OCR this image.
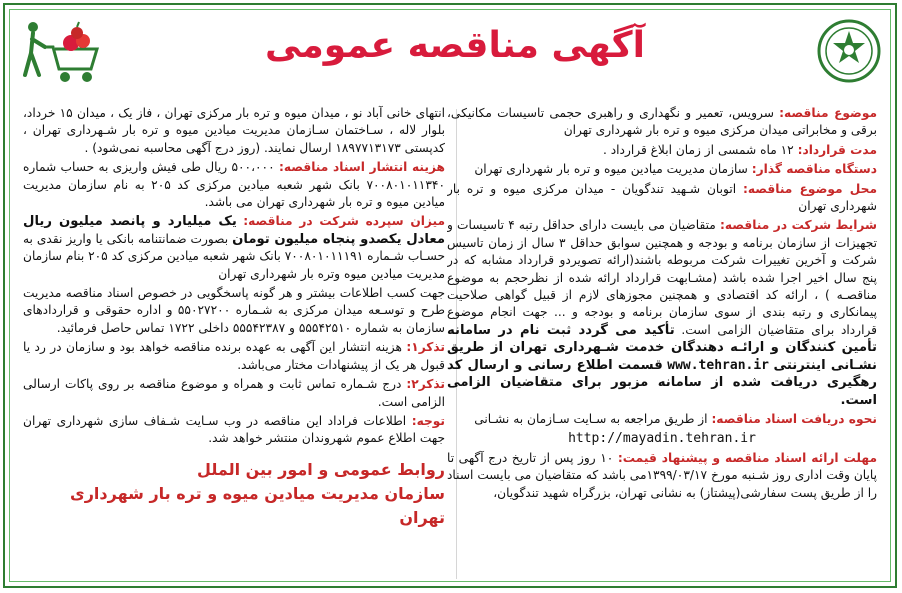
آگهی مناقصه عمومی

موضوع مناقصه: سرویس، تعمیر و نگهداری و راهبری حجمی تاسیسات مکانیکی، برقی و مخابراتی میدان مرکزی میوه و تره بار شهرداری تهران

مدت قرارداد: ۱۲ ماه شمسی از زمان ابلاغ قرارداد .

دستگاه مناقصه گذار: سازمان مدیریت میادین میوه و تره بار شهرداری تهران

محل موضوع مناقصه: اتوبان شـهید تندگویان - میدان مرکزی میوه و تره بار شهرداری تهران

شرایط شرکت در مناقصه: متقاضیان می بایست دارای حداقل رتبه ۴ تاسیسات و تجهیزات از سازمان برنامه و بودجه و همچنین سوابق حداقل ۳ سال از زمان تاسیس شرکت و آخرین تغییرات شرکت مربوطه باشند(ارائه تصویردو قرارداد مشابه که در پنج سال اخیر اجرا شده باشد (مشـابهت قرارداد ارائه شده از نظرحجم به موضوع مناقصـه ) ، ارائه کد اقتصادی و همچنین مجوزهای لازم از قبیل گواهی صلاحیت پیمانکاری و رتبه بندی از سوی سازمان برنامه و بودجه و ... جهت انجام موضوع قرارداد برای متقاضیان الزامی است. تأکید می گردد ثبت نام در سامانه تأمین کنندگان و ارائـه دهندگان خدمت شـهرداری تهران از طریق نشـانی اینترنتی www.tehran.ir قسمت اطلاع رسانی و ارسال کد رهگیری دریافت شده از سامانه مزبور برای متقاضیان الزامی است.

نحوه دریافت اسناد مناقصه: از طریق مراجعه به سـایت سـازمان به نشـانی

http://mayadin.tehran.ir

مهلت ارائه اسناد مناقصه و پیشنهاد قیمت: ۱۰ روز پس از تاریخ درج آگهی تا پایان وقت اداری روز شـنبه مورخ ۱۳۹۹/۰۳/۱۷می باشد که متقاضیان می بایست اسناد را از طریق پست سفارشی(پیشتاز) به نشانی تهران، بزرگراه شهید تندگویان،

انتهای خانی آباد نو ، میدان میوه و تره بار مرکزی تهران ، فاز یک ، میدان ۱۵ خرداد، بلوار لاله ، سـاختمان سـازمان مدیریت میادین میوه و تره بار شـهرداری تهران ، کدپستی ۱۸۹۷۷۱۳۱۷۳ ارسال نمایند. (روز درج آگهی محاسبه نمی‌شود) .

هزینه انتشار اسناد مناقصه: ۵۰۰،۰۰۰ ریال طی فیش واریزی به حساب شماره ۷۰۰۸۰۱۰۱۱۳۴۰ بانک شهر شعبه میادین مرکزی کد ۲۰۵ به نام سازمان مدیریت میادین میوه و تره بار شهرداری تهران می باشد.

میزان سپرده شرکت در مناقصه: یک میلیارد و پانصد میلیون ریال معادل یکصدو پنجاه میلیون تومان بصورت ضمانتنامه بانکی یا واریز نقدی به حسـاب شـماره ۷۰۰۸۰۱۰۱۱۱۹۱ بانک شهر شعبه میادین مرکزی کد ۲۰۵ بنام سازمان مدیریت میادین میوه وتره بار شهرداری تهران

جهت کسب اطلاعات بیشتر و هر گونه پاسخگویی در خصوص اسناد مناقصه مدیریت طرح و توسـعه میدان مرکزی به شـماره ۵۵۰۲۷۲۰۰ و اداره حقوقی و قراردادهای سازمان به شماره ۵۵۵۴۲۵۱۰ و ۵۵۵۴۲۳۸۷ داخلی ۱۷۲۲ تماس حاصل فرمائید.

تذکر۱: هزینه انتشار این آگهی به عهده برنده مناقصه خواهد بود و سازمان در رد یا قبول هر یک از پیشنهادات مختار می‌باشد.

تذکر۲: درج شـماره تماس ثابت و همراه و موضوع مناقصه بر روی پاکات ارسالی الزامی است.

توجه: اطلاعات فراداد این مناقصه در وب سـایت شـفاف سازی شهرداری تهران جهت اطلاع عموم شهروندان منتشر خواهد شد.

روابط عمومی و امور بین الملل
سازمان مدیریت میادین میوه و تره بار شهرداری تهران
